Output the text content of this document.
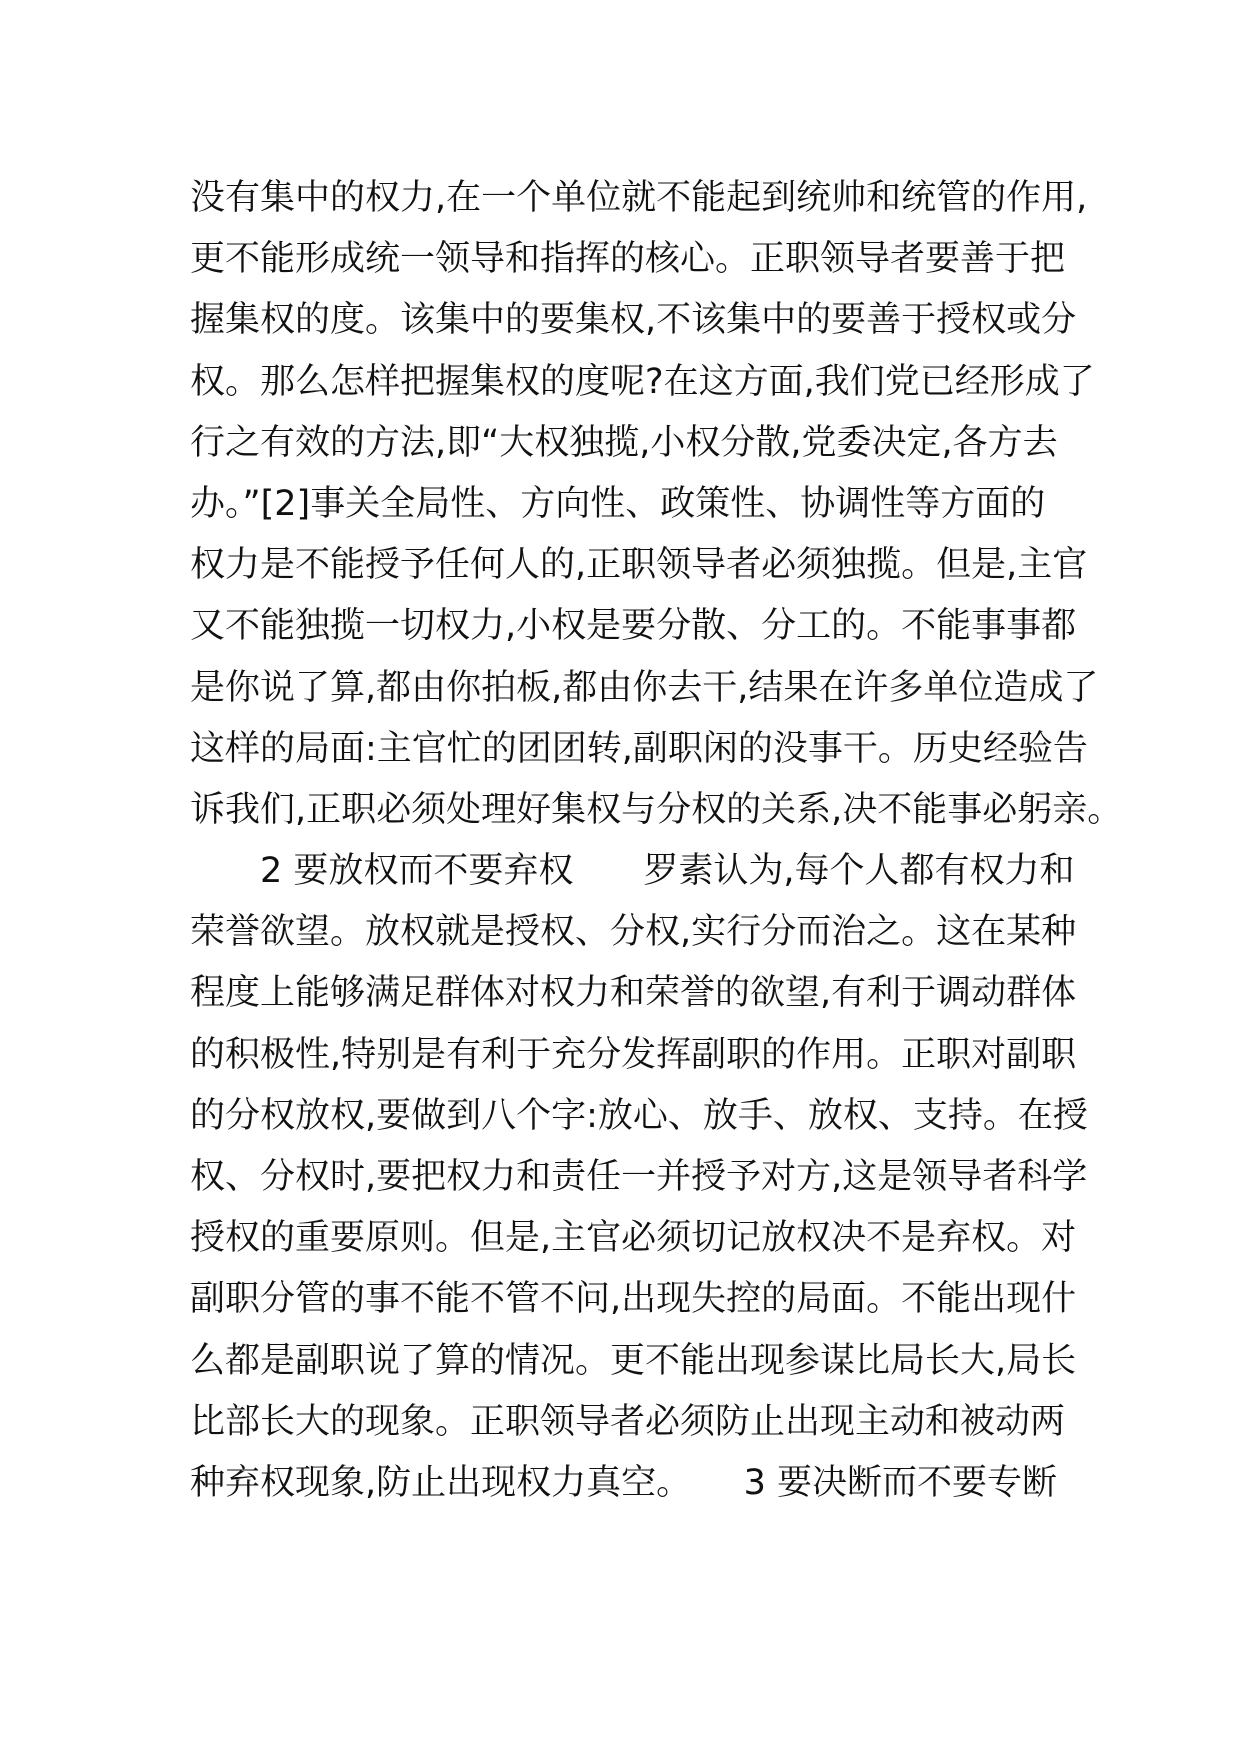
没有集中的权力,在一个单位就不能起到统帅和统管的作用,
更不能形成统一领导和指挥的核心。正职领导者要善于把
握集权的度。该集中的要集权,不该集中的要善于授权或分
权。那么怎样把握集权的度呢?在这方面,我们党已经形成了
行之有效的方法,即“大权独揽,小权分散,党委决定,各方去
办。”[2]事关全局性、方向性、政策性、协调性等方面的
权力是不能授予任何人的,正职领导者必须独揽。但是,主官
又不能独揽一切权力,小权是要分散、分工的。不能事事都
是你说了算,都由你拍板,都由你去干,结果在许多单位造成了
这样的局面:主官忙的团团转,副职闲的没事干。历史经验告
诉我们,正职必须处理好集权与分权的关系,决不能事必躬亲。
　　2 要放权而不要弃权　　罗素认为,每个人都有权力和
荣誉欲望。放权就是授权、分权,实行分而治之。这在某种
程度上能够满足群体对权力和荣誉的欲望,有利于调动群体
的积极性,特别是有利于充分发挥副职的作用。正职对副职
的分权放权,要做到八个字:放心、放手、放权、支持。在授
权、分权时,要把权力和责任一并授予对方,这是领导者科学
授权的重要原则。但是,主官必须切记放权决不是弃权。对
副职分管的事不能不管不问,出现失控的局面。不能出现什
么都是副职说了算的情况。更不能出现参谋比局长大,局长
比部长大的现象。正职领导者必须防止出现主动和被动两
种弃权现象,防止出现权力真空。　　3 要决断而不要专断
